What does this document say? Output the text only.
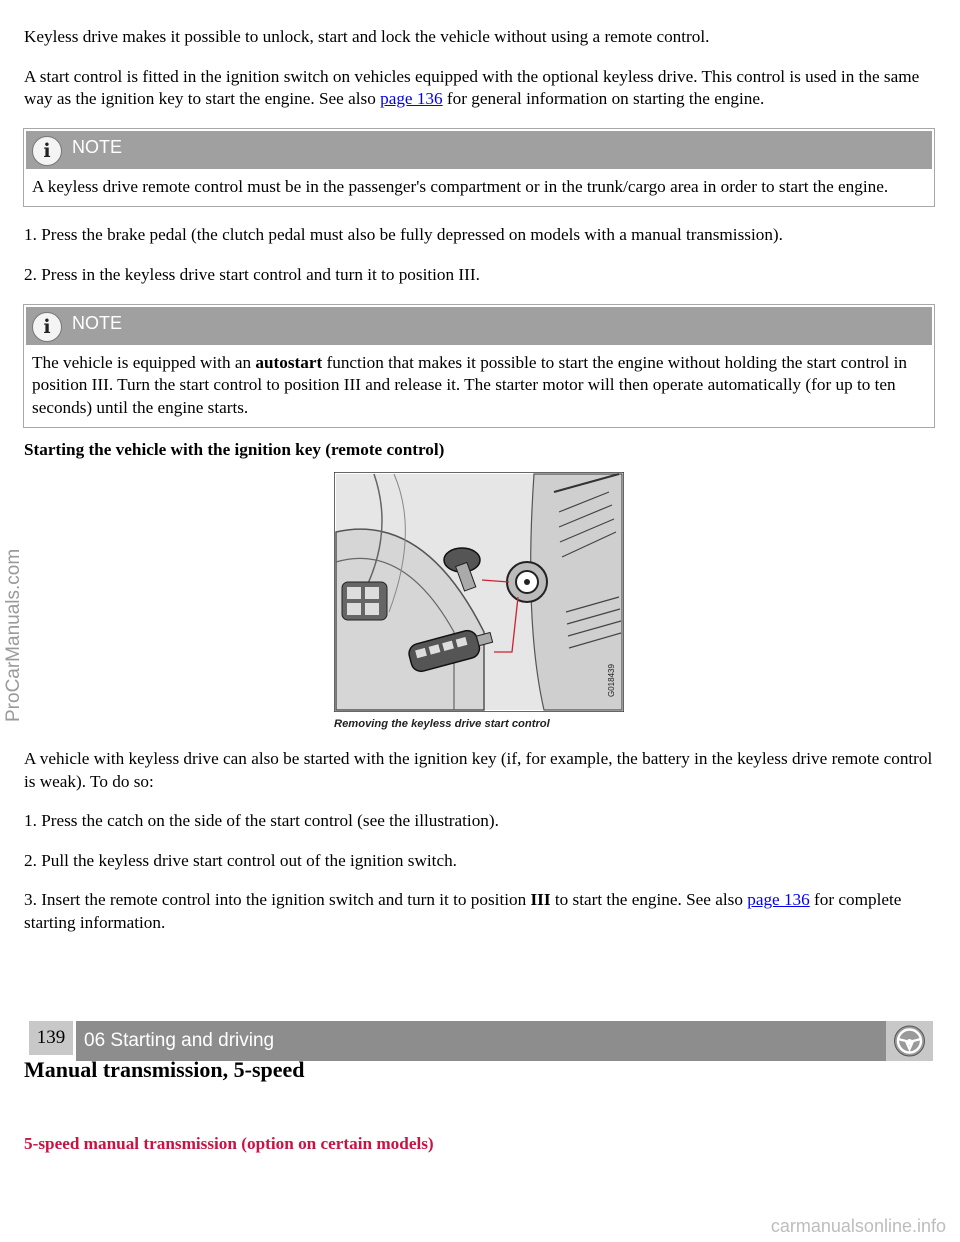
Keyless drive makes it possible to unlock, start and lock the vehicle without using a remote control.

A start control is fitted in the ignition switch on vehicles equipped with the optional keyless drive. This control is used in the same way as the ignition key to start the engine. See also page 136 for general information on starting the engine.

i	NOTE
A keyless drive remote control must be in the passenger's compartment or in the trunk/cargo area in order to start the engine.

1. Press the brake pedal (the clutch pedal must also be fully depressed on models with a manual transmission).

2. Press in the keyless drive start control and turn it to position III.

i	NOTE
The vehicle is equipped with an autostart function that makes it possible to start the engine without holding the start control in position III. Turn the start control to position III and release it. The starter motor will then operate automatically (for up to ten seconds) until the engine starts.

Starting the vehicle with the ignition key (remote control)

G018439
Removing the keyless drive start control

A vehicle with keyless drive can also be started with the ignition key (if, for example, the battery in the keyless drive remote control is weak). To do so:

1. Press the catch on the side of the start control (see the illustration).

2. Pull the keyless drive start control out of the ignition switch.

3. Insert the remote control into the ignition switch and turn it to position III to start the engine. See also page 136 for complete starting information.

139 06 Starting and driving
Manual transmission, 5-speed
5-speed manual transmission (option on certain models)
ProCarManuals.com
carmanualsonline.info
